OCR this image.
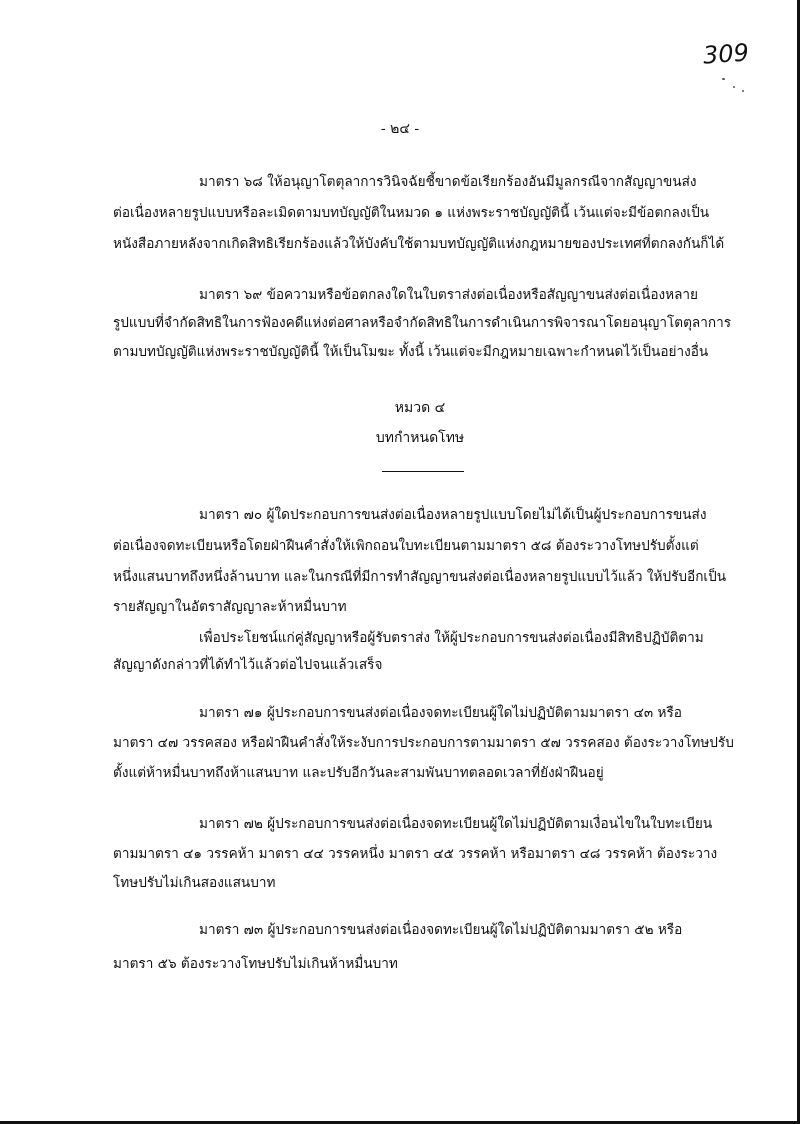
309
- ๒๔ -
มาตรา ๖๘ ให้อนุญาโตตุลาการวินิจฉัยชี้ขาดข้อเรียกร้องอันมีมูลกรณีจากสัญญาขนส่ง
ต่อเนื่องหลายรูปแบบหรือละเมิดตามบทบัญญัติในหมวด ๑ แห่งพระราชบัญญัตินี้ เว้นแต่จะมีข้อตกลงเป็น
หนังสือภายหลังจากเกิดสิทธิเรียกร้องแล้วให้บังคับใช้ตามบทบัญญัติแห่งกฎหมายของประเทศที่ตกลงกันก็ได้
มาตรา ๖๙ ข้อความหรือข้อตกลงใดในใบตราส่งต่อเนื่องหรือสัญญาขนส่งต่อเนื่องหลาย
รูปแบบที่จำกัดสิทธิในการฟ้องคดีแห่งต่อศาลหรือจำกัดสิทธิในการดำเนินการพิจารณาโดยอนุญาโตตุลาการ
ตามบทบัญญัติแห่งพระราชบัญญัตินี้ ให้เป็นโมฆะ ทั้งนี้ เว้นแต่จะมีกฎหมายเฉพาะกำหนดไว้เป็นอย่างอื่น
หมวด ๔
บทกำหนดโทษ
มาตรา ๗๐ ผู้ใดประกอบการขนส่งต่อเนื่องหลายรูปแบบโดยไม่ได้เป็นผู้ประกอบการขนส่ง
ต่อเนื่องจดทะเบียนหรือโดยฝ่าฝืนคำสั่งให้เพิกถอนใบทะเบียนตามมาตรา ๕๘ ต้องระวางโทษปรับตั้งแต่
หนึ่งแสนบาทถึงหนึ่งล้านบาท และในกรณีที่มีการทำสัญญาขนส่งต่อเนื่องหลายรูปแบบไว้แล้ว ให้ปรับอีกเป็น
รายสัญญาในอัตราสัญญาละห้าหมื่นบาท
เพื่อประโยชน์แก่คู่สัญญาหรือผู้รับตราส่ง ให้ผู้ประกอบการขนส่งต่อเนื่องมีสิทธิปฏิบัติตาม
สัญญาดังกล่าวที่ได้ทำไว้แล้วต่อไปจนแล้วเสร็จ
มาตรา ๗๑ ผู้ประกอบการขนส่งต่อเนื่องจดทะเบียนผู้ใดไม่ปฏิบัติตามมาตรา ๔๓ หรือ
มาตรา ๔๗ วรรคสอง หรือฝ่าฝืนคำสั่งให้ระงับการประกอบการตามมาตรา ๕๗ วรรคสอง ต้องระวางโทษปรับ
ตั้งแต่ห้าหมื่นบาทถึงห้าแสนบาท และปรับอีกวันละสามพันบาทตลอดเวลาที่ยังฝ่าฝืนอยู่
มาตรา ๗๒ ผู้ประกอบการขนส่งต่อเนื่องจดทะเบียนผู้ใดไม่ปฏิบัติตามเงื่อนไขในใบทะเบียน
ตามมาตรา ๔๑ วรรคห้า มาตรา ๔๔ วรรคหนึ่ง มาตรา ๔๕ วรรคห้า หรือมาตรา ๔๘ วรรคห้า ต้องระวาง
โทษปรับไม่เกินสองแสนบาท
มาตรา ๗๓ ผู้ประกอบการขนส่งต่อเนื่องจดทะเบียนผู้ใดไม่ปฏิบัติตามมาตรา ๕๒ หรือ
มาตรา ๕๖ ต้องระวางโทษปรับไม่เกินห้าหมื่นบาท
